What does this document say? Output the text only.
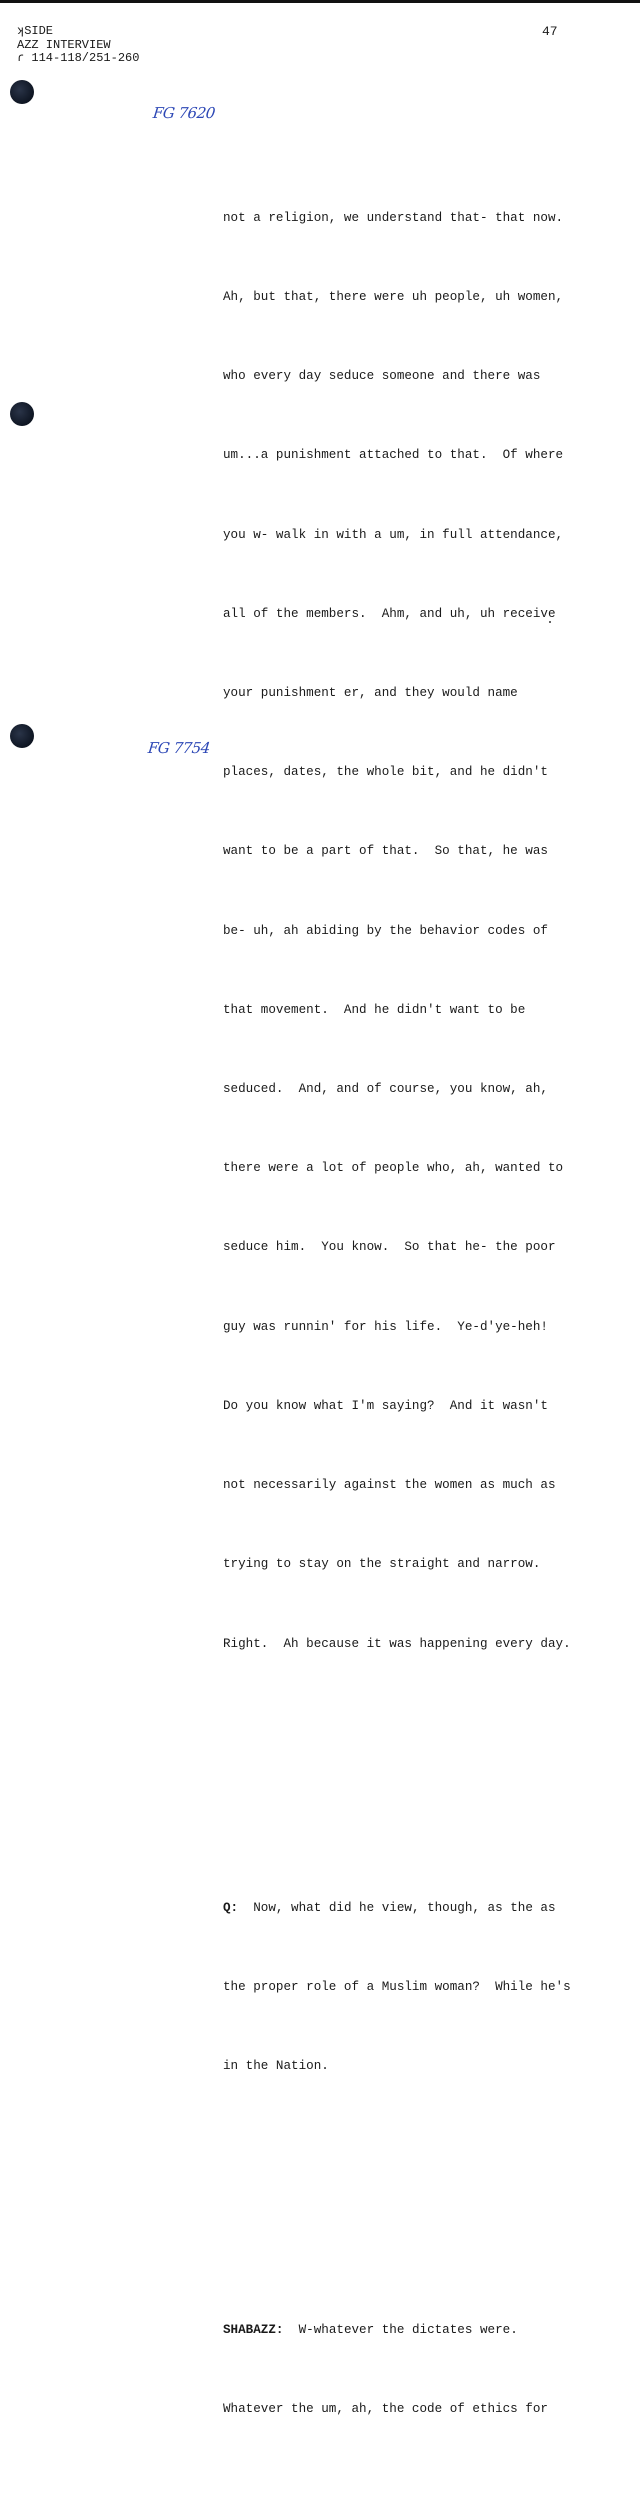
ʞSIDE
AZZ INTERVIEW
ɾ 114-118/251-260
47
FG 7620
FG 7754

not a religion, we understand that- that now.

Ah, but that, there were uh people, uh women,

who every day seduce someone and there was

um...a punishment attached to that.  Of where

you w- walk in with a um, in full attendance,

all of the members.  Ahm, and uh, uh receive

your punishment er, and they would name

places, dates, the whole bit, and he didn't

want to be a part of that.  So that, he was

be- uh, ah abiding by the behavior codes of

that movement.  And he didn't want to be

seduced.  And, and of course, you know, ah,

there were a lot of people who, ah, wanted to

seduce him.  You know.  So that he- the poor

guy was runnin' for his life.  Ye-d'ye-heh!

Do you know what I'm saying?  And it wasn't

not necessarily against the women as much as

trying to stay on the straight and narrow.

Right.  Ah because it was happening every day.

Q: Now, what did he view, though, as the as

the proper role of a Muslim woman?  While he's

in the Nation.

SHABAZZ: W-whatever the dictates were.

Whatever the um, ah, the code of ethics for
